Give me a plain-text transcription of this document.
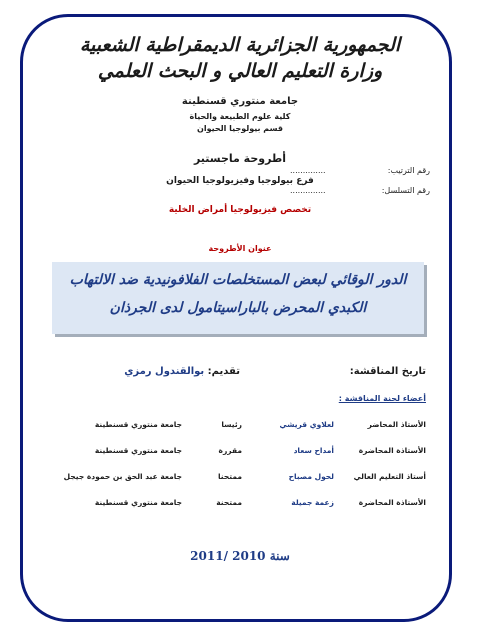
الجمهورية الجزائرية الديمقراطية الشعبية
وزارة التعليم العالي و البحث العلمي
جامعة منتوري قسنطينة
كلية علوم الطبيعة والحياة
قسم بيولوجيا الحيوان
أطروحة ماجستير
فرع بيولوجيا وفيزيولوجيا الحيوان
تخصص فيزيولوجيا أمراض الخلية
رقم الترتيب:
..............
رقم التسلسل:
..............
عنوان الأطروحة
الدور الوقائي لبعض المستخلصات الفلافونيدية ضد الالتهاب
الكبدي المحرض بالباراسيتامول لدى الجرذان
تاريخ المناقشة:
تقديم: بوالقندول رمزي
أعضاء لجنة المناقشة :
الأستاذ المحاضر
لعلاوي قريشي
رئيسا
جامعة منتوري قسنطينة
الأستاذة المحاضرة
أمداح سعاد
مقررة
جامعة منتوري قسنطينة
أستاذ التعليم العالي
لحول مصباح
ممتحنا
جامعة عبد الحق بن حمودة جيجل
الأستاذة المحاضرة
زعمة جميلة
ممتحنة
جامعة منتوري قسنطينة
سنة 2010 /2011
